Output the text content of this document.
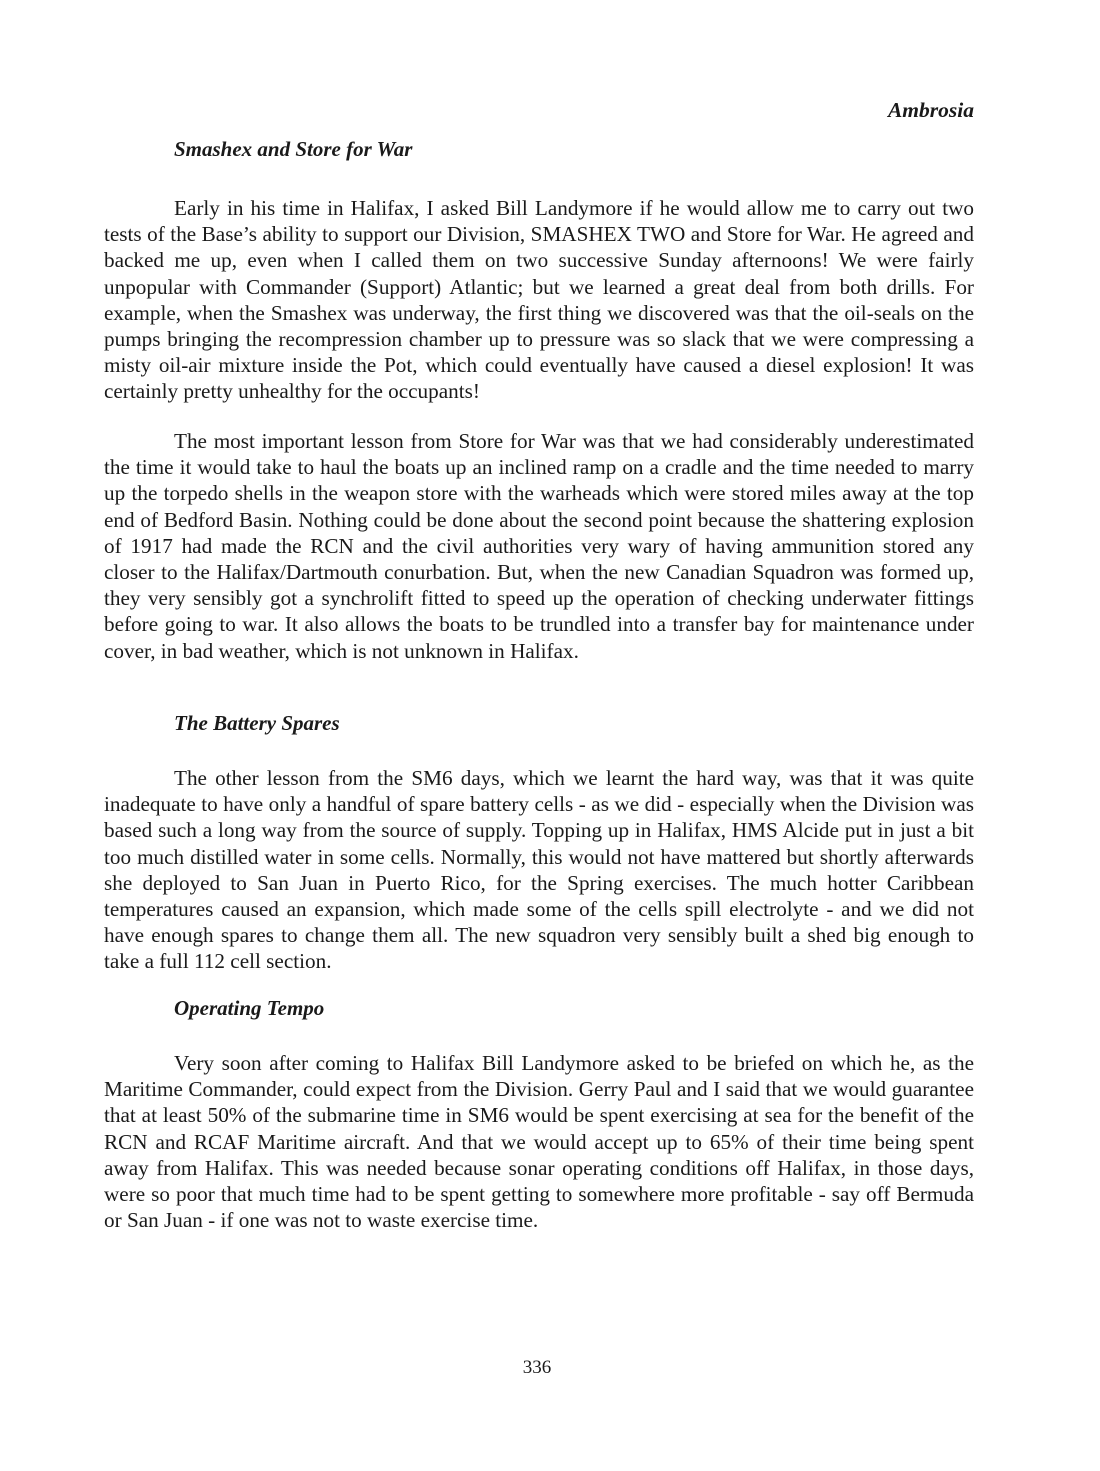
Ambrosia

Smashex and Store for War

Early in his time in Halifax, I asked Bill Landymore if he would allow me to carry out two tests of the Base’s ability to support our Division, SMASHEX TWO and Store for War. He agreed and backed me up, even when I called them on two successive Sunday afternoons! We were fairly unpopular with Commander (Support) Atlantic; but we learned a great deal from both drills. For example, when the Smashex was underway, the first thing we discovered was that the oil-seals on the pumps bringing the recompression chamber up to pressure was so slack that we were compressing a misty oil-air mixture inside the Pot, which could eventually have caused a diesel explosion! It was certainly pretty unhealthy for the occupants!

The most important lesson from Store for War was that we had considerably underestimated the time it would take to haul the boats up an inclined ramp on a cradle and the time needed to marry up the torpedo shells in the weapon store with the warheads which were stored miles away at the top end of Bedford Basin. Nothing could be done about the second point because the shattering explosion of 1917 had made the RCN and the civil authorities very wary of having ammunition stored any closer to the Halifax/Dartmouth conurbation. But, when the new Canadian Squadron was formed up, they very sensibly got a synchrolift fitted to speed up the operation of checking underwater fittings before going to war. It also allows the boats to be trundled into a transfer bay for maintenance under cover, in bad weather, which is not unknown in Halifax.

The Battery Spares

The other lesson from the SM6 days, which we learnt the hard way, was that it was quite inadequate to have only a handful of spare battery cells - as we did - especially when the Division was based such a long way from the source of supply. Topping up in Halifax, HMS Alcide put in just a bit too much distilled water in some cells. Normally, this would not have mattered but shortly afterwards she deployed to San Juan in Puerto Rico, for the Spring exercises. The much hotter Caribbean temperatures caused an expansion, which made some of the cells spill electrolyte - and we did not have enough spares to change them all. The new squadron very sensibly built a shed big enough to take a full 112 cell section.

Operating Tempo

Very soon after coming to Halifax Bill Landymore asked to be briefed on which he, as the Maritime Commander, could expect from the Division. Gerry Paul and I said that we would guarantee that at least 50% of the submarine time in SM6 would be spent exercising at sea for the benefit of the RCN and RCAF Maritime aircraft. And that we would accept up to 65% of their time being spent away from Halifax. This was needed because sonar operating conditions off Halifax, in those days, were so poor that much time had to be spent getting to somewhere more profitable - say off Bermuda or San Juan - if one was not to waste exercise time.

336
